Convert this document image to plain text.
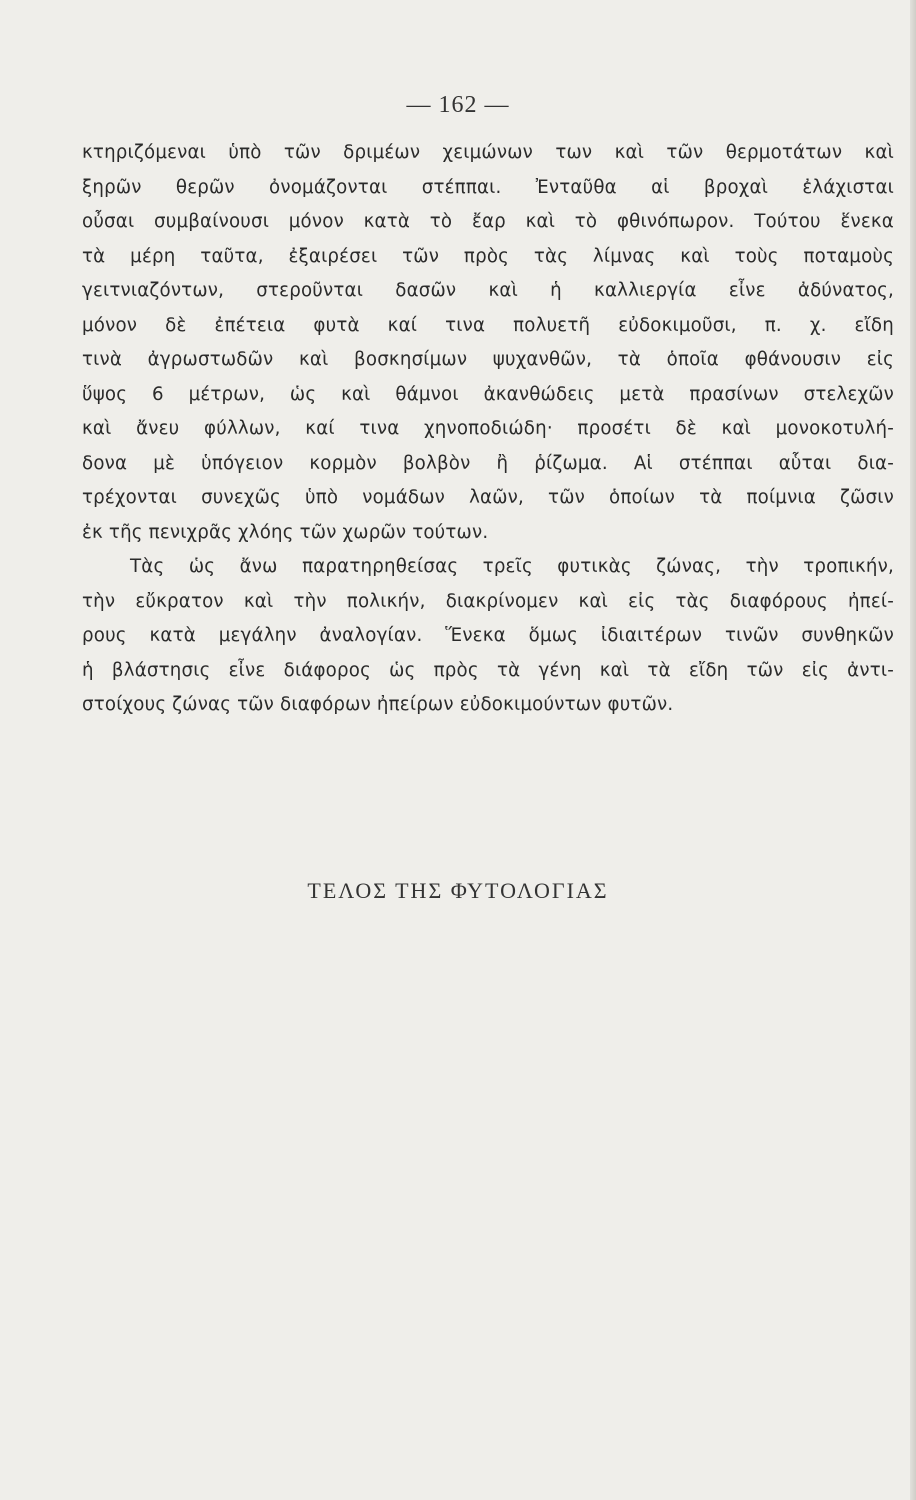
— 162 —
κτηριζόμεναι ὑπὸ τῶν δριμέων χειμώνων των καὶ τῶν θερμοτάτων καὶ
ξηρῶν θερῶν ὀνομάζονται στέππαι. Ἐνταῦθα αἱ βροχαὶ ἐλάχισται
οὖσαι συμβαίνουσι μόνον κατὰ τὸ ἔαρ καὶ τὸ φθινόπωρον. Τούτου ἕνεκα
τὰ μέρη ταῦτα, ἐξαιρέσει τῶν πρὸς τὰς λίμνας καὶ τοὺς ποταμοὺς
γειτνιαζόντων, στεροῦνται δασῶν καὶ ἡ καλλιεργία εἶνε ἀδύνατος,
μόνον δὲ ἐπέτεια φυτὰ καί τινα πολυετῆ εὐδοκιμοῦσι, π. χ. εἴδη
τινὰ ἀγρωστωδῶν καὶ βοσκησίμων ψυχανθῶν, τὰ ὁποῖα φθάνουσιν εἰς
ὕψος 6 μέτρων, ὡς καὶ θάμνοι ἀκανθώδεις μετὰ πρασίνων στελεχῶν
καὶ ἄνευ φύλλων, καί τινα χηνοποδιώδη· προσέτι δὲ καὶ μονοκοτυλή-
δονα μὲ ὑπόγειον κορμὸν βολβὸν ἢ ῥίζωμα. Αἱ στέππαι αὗται δια-
τρέχονται συνεχῶς ὑπὸ νομάδων λαῶν, τῶν ὁποίων τὰ ποίμνια ζῶσιν
ἐκ τῆς πενιχρᾶς χλόης τῶν χωρῶν τούτων.
Τὰς ὡς ἄνω παρατηρηθείσας τρεῖς φυτικὰς ζώνας, τὴν τροπικήν,
τὴν εὔκρατον καὶ τὴν πολικήν, διακρίνομεν καὶ εἰς τὰς διαφόρους ἠπεί-
ρους κατὰ μεγάλην ἀναλογίαν. Ἕνεκα ὅμως ἰδιαιτέρων τινῶν συνθηκῶν
ἡ βλάστησις εἶνε διάφορος ὡς πρὸς τὰ γένη καὶ τὰ εἴδη τῶν εἰς ἀντι-
στοίχους ζώνας τῶν διαφόρων ἠπείρων εὐδοκιμούντων φυτῶν.
ΤΕΛΟΣ ΤΗΣ ΦΥΤΟΛΟΓΙΑΣ
